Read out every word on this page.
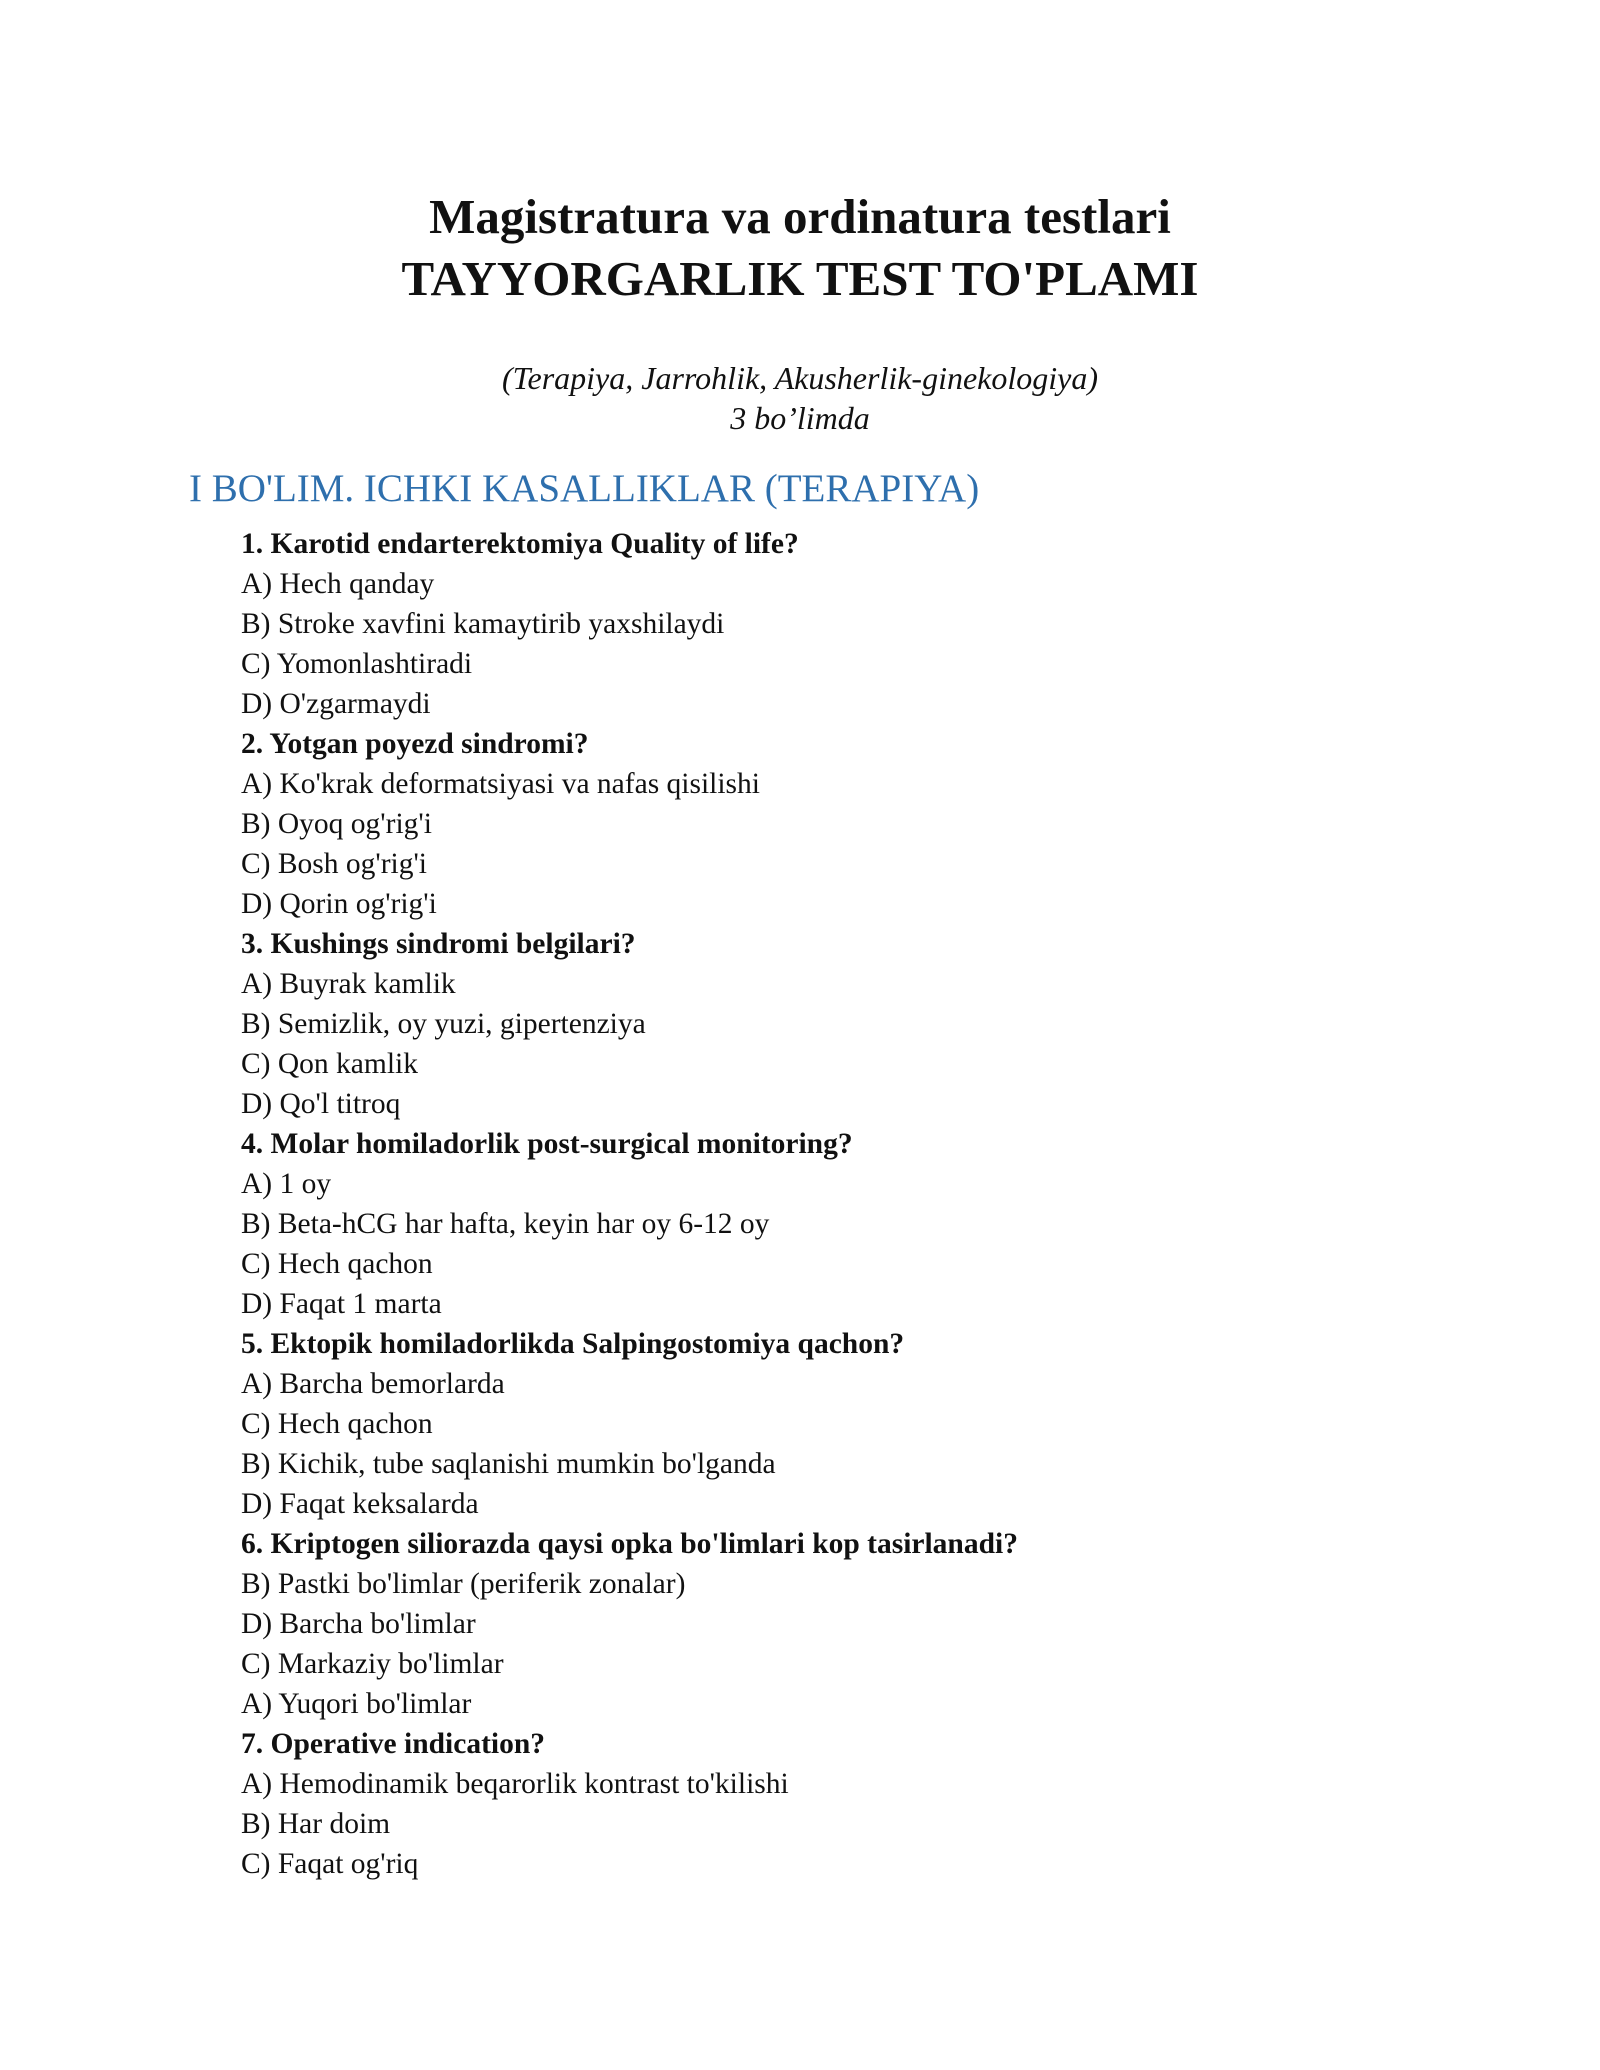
Magistratura va ordinatura testlari
TAYYORGARLIK TEST TO'PLAMI
(Terapiya, Jarrohlik, Akusherlik-ginekologiya)
3 bo’limda
I BO'LIM. ICHKI KASALLIKLAR (TERAPIYA)
1. Karotid endarterektomiya Quality of life?
A) Hech qanday
B) Stroke xavfini kamaytirib yaxshilaydi
C) Yomonlashtiradi
D) O'zgarmaydi
2. Yotgan poyezd sindromi?
A) Ko'krak deformatsiyasi va nafas qisilishi
B) Oyoq og'rig'i
C) Bosh og'rig'i
D) Qorin og'rig'i
3. Kushings sindromi belgilari?
A) Buyrak kamlik
B) Semizlik, oy yuzi, gipertenziya
C) Qon kamlik
D) Qo'l titroq
4. Molar homiladorlik post-surgical monitoring?
A) 1 oy
B) Beta-hCG har hafta, keyin har oy 6-12 oy
C) Hech qachon
D) Faqat 1 marta
5. Ektopik homiladorlikda Salpingostomiya qachon?
A) Barcha bemorlarda
C) Hech qachon
B) Kichik, tube saqlanishi mumkin bo'lganda
D) Faqat keksalarda
6. Kriptogen siliorazda qaysi opka bo'limlari kop tasirlanadi?
B) Pastki bo'limlar (periferik zonalar)
D) Barcha bo'limlar
C) Markaziy bo'limlar
A) Yuqori bo'limlar
7. Operative indication?
A) Hemodinamik beqarorlik kontrast to'kilishi
B) Har doim
C) Faqat og'riq
